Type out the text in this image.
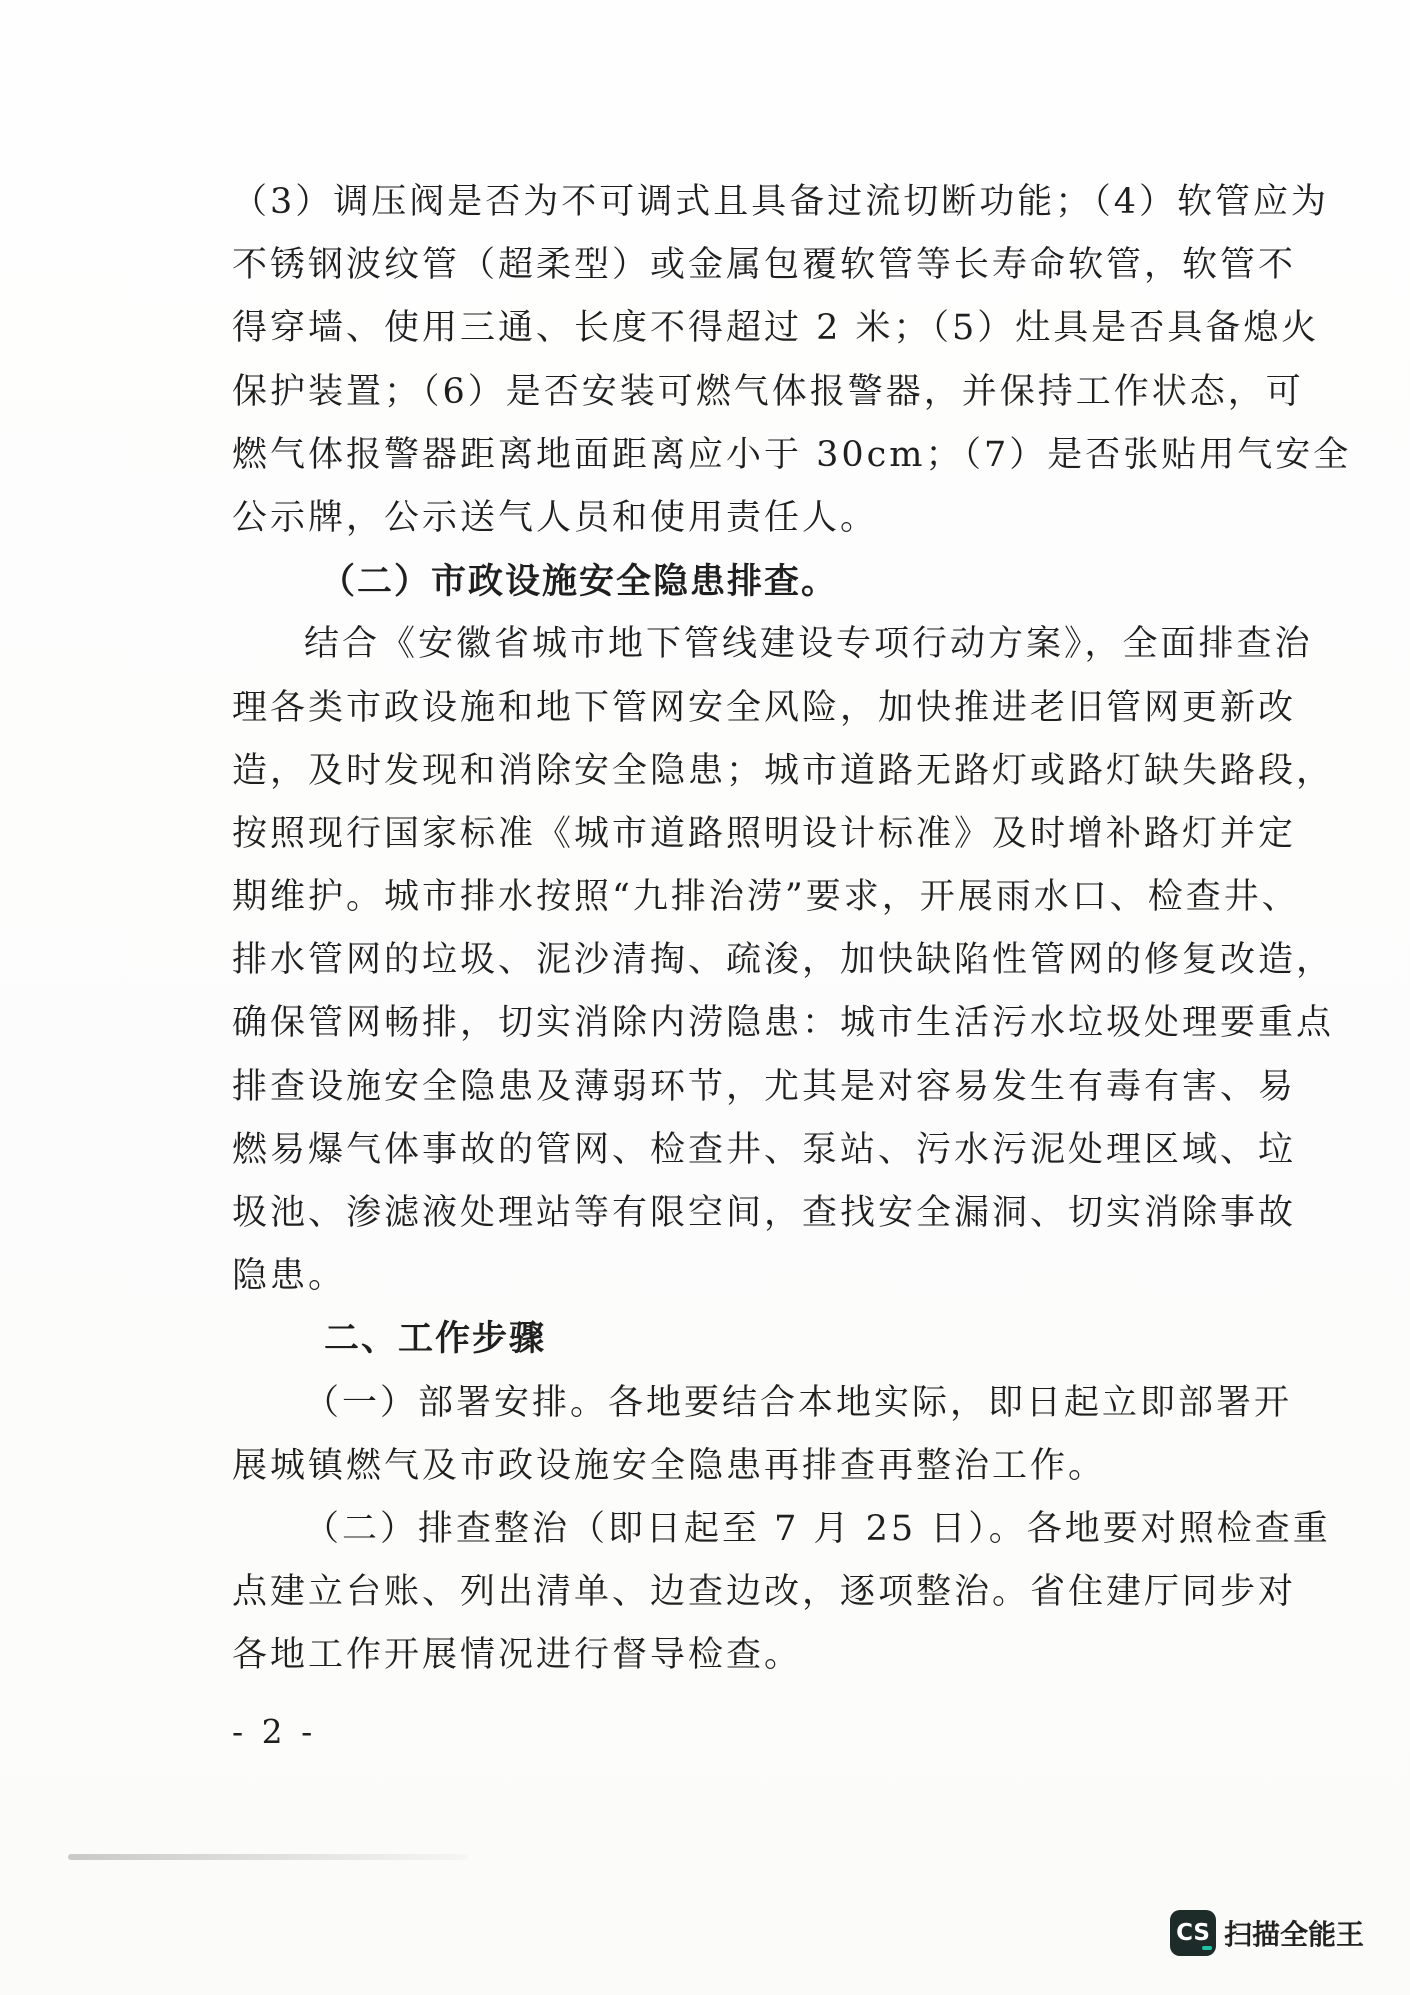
（3）调压阀是否为不可调式且具备过流切断功能；（4）软管应为
不锈钢波纹管（超柔型）或金属包覆软管等长寿命软管，软管不
得穿墙、使用三通、长度不得超过 2 米；（5）灶具是否具备熄火
保护装置；（6）是否安装可燃气体报警器，并保持工作状态，可
燃气体报警器距离地面距离应小于 30cm；（7）是否张贴用气安全
公示牌，公示送气人员和使用责任人。
（二）市政设施安全隐患排查。
结合《安徽省城市地下管线建设专项行动方案》，全面排查治
理各类市政设施和地下管网安全风险，加快推进老旧管网更新改
造，及时发现和消除安全隐患；城市道路无路灯或路灯缺失路段，
按照现行国家标准《城市道路照明设计标准》及时增补路灯并定
期维护。城市排水按照“九排治涝”要求，开展雨水口、检查井、
排水管网的垃圾、泥沙清掏、疏浚，加快缺陷性管网的修复改造，
确保管网畅排，切实消除内涝隐患：城市生活污水垃圾处理要重点
排查设施安全隐患及薄弱环节，尤其是对容易发生有毒有害、易
燃易爆气体事故的管网、检查井、泵站、污水污泥处理区域、垃
圾池、渗滤液处理站等有限空间，查找安全漏洞、切实消除事故
隐患。
二、工作步骤
（一）部署安排。各地要结合本地实际，即日起立即部署开
展城镇燃气及市政设施安全隐患再排查再整治工作。
（二）排查整治（即日起至 7 月 25 日）。各地要对照检查重
点建立台账、列出清单、边查边改，逐项整治。省住建厅同步对
各地工作开展情况进行督导检查。
- 2 -
CS 扫描全能王
